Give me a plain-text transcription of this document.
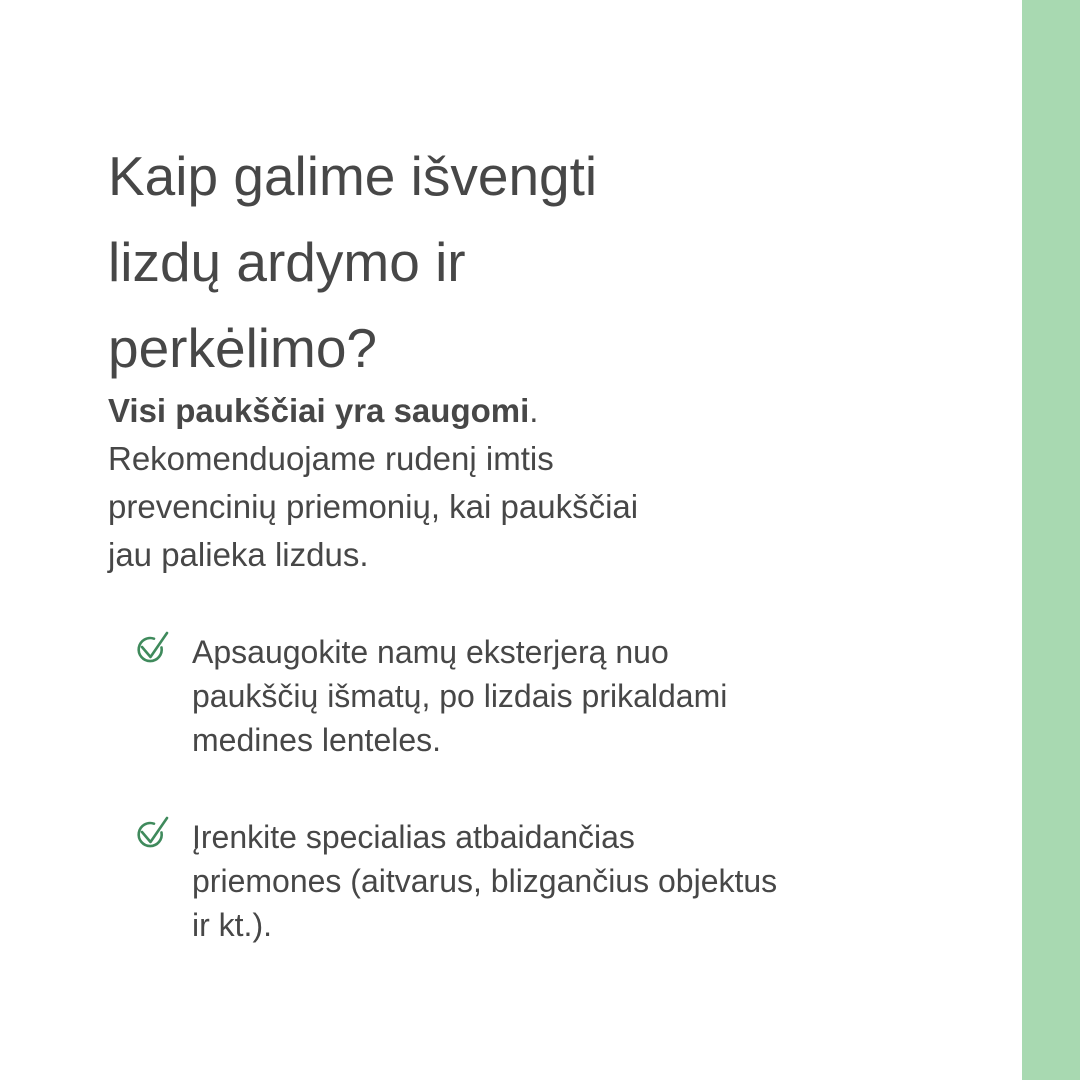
Kaip galime išvengti
lizdų ardymo ir
perkėlimo?

Visi paukščiai yra saugomi.
Rekomenduojame rudenį imtis
prevencinių priemonių, kai paukščiai
jau palieka lizdus.

Apsaugokite namų eksterjerą nuo
paukščių išmatų, po lizdais prikaldami
medines lenteles.

Įrenkite specialias atbaidančias
priemones (aitvarus, blizgančius objektus
ir kt.).
